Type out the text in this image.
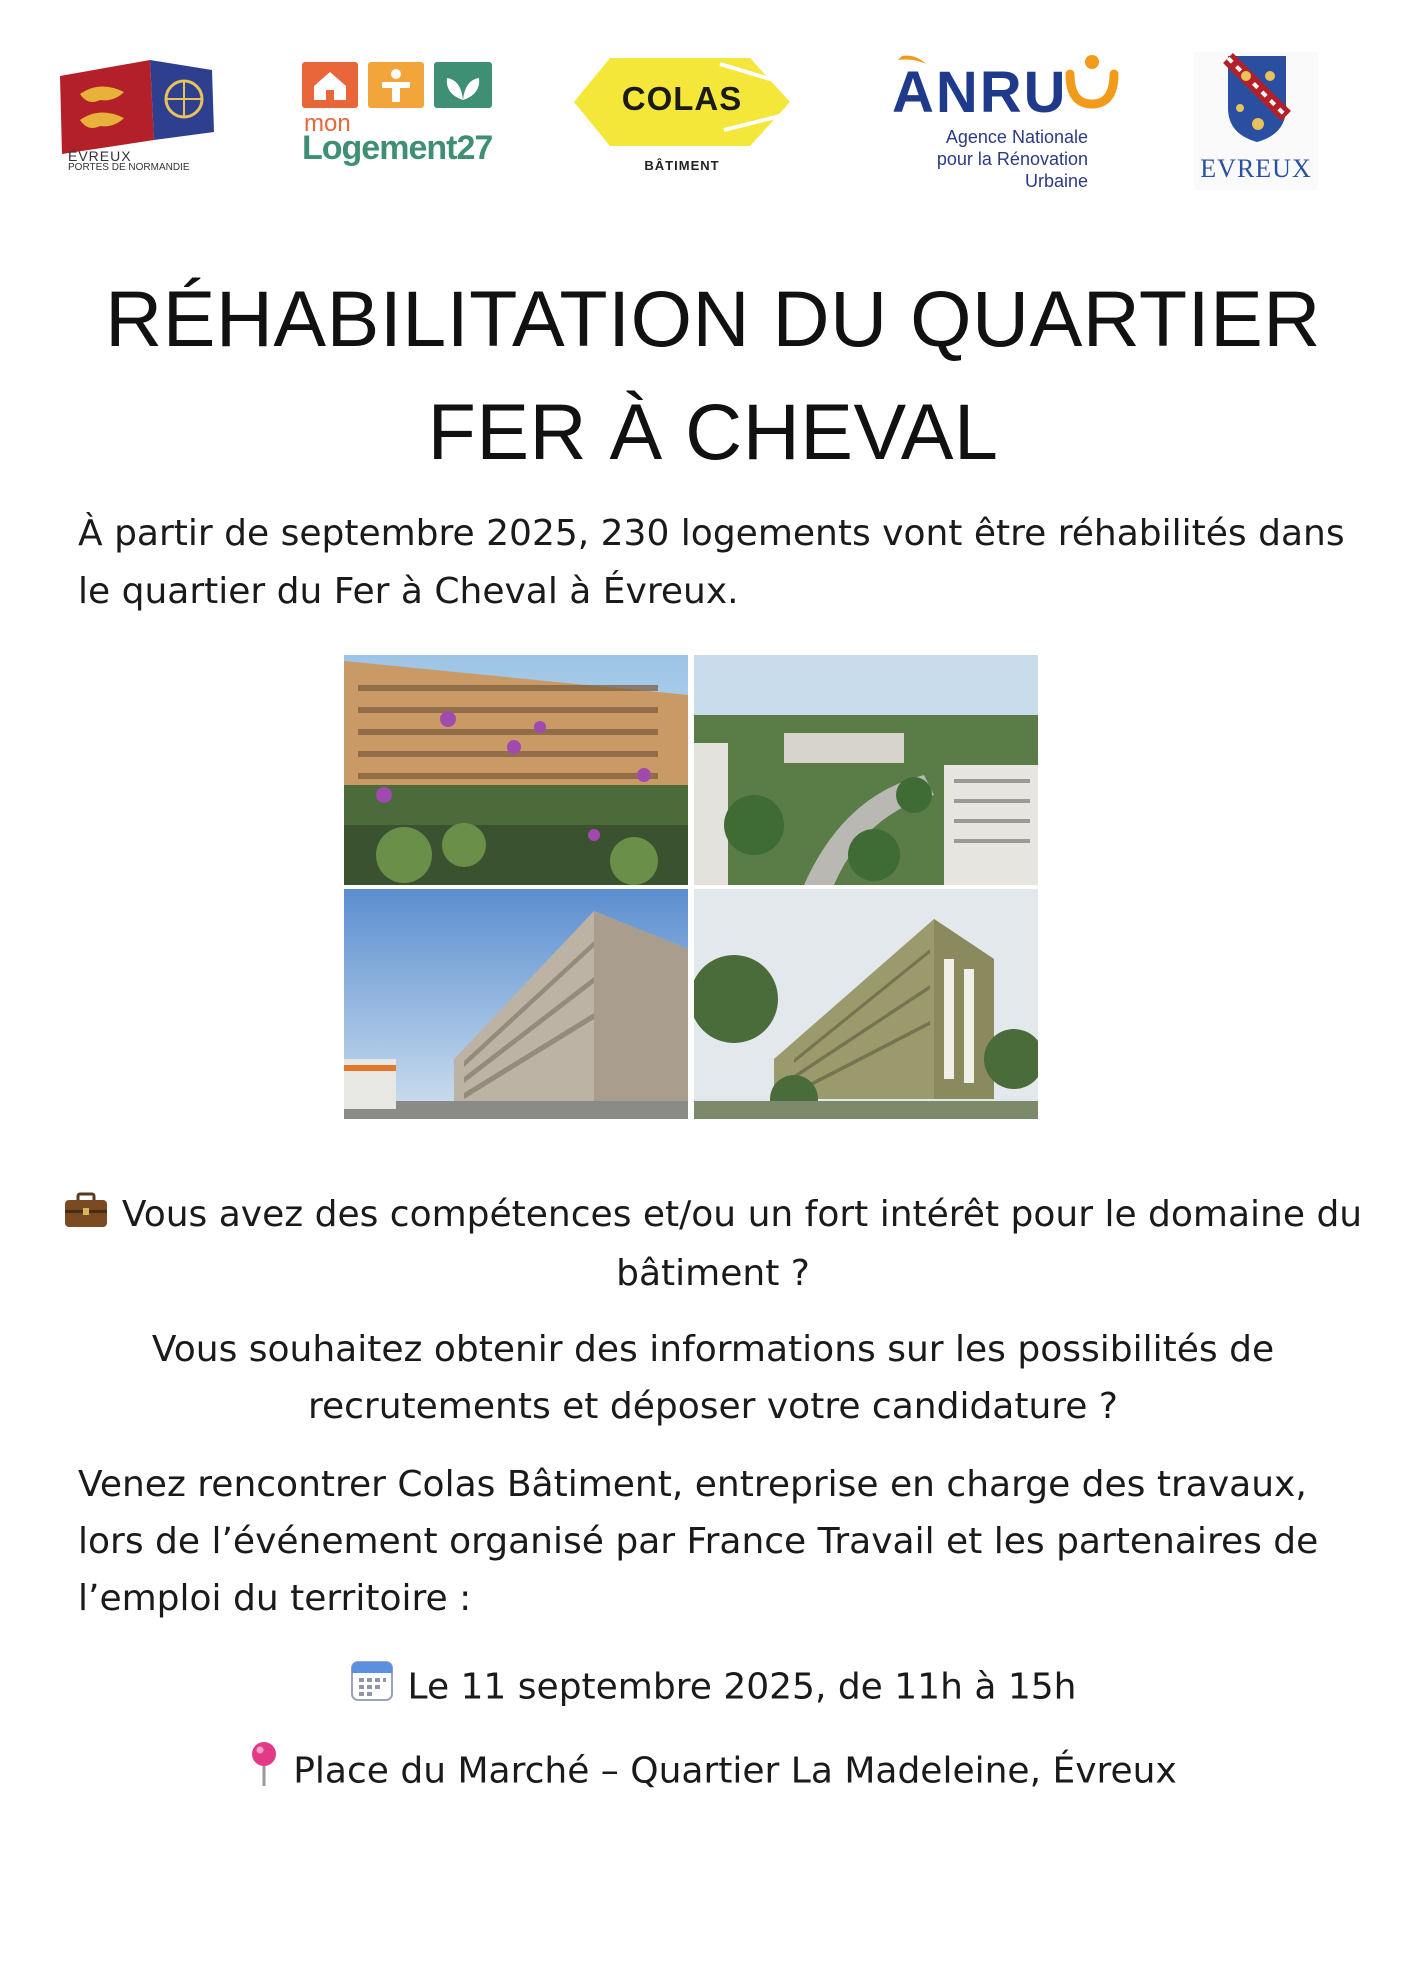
ÉVREUX
PORTES DE NORMANDIE
mon
Logement27
COLAS
BÂTIMENT
ANRU
Agence Nationale
pour la Rénovation
Urbaine	EVREUX
RÉHABILITATION DU QUARTIER
FER À CHEVAL
À partir de septembre 2025, 230 logements vont être réhabilités dans le quartier du Fer à Cheval à Évreux.
Vous avez des compétences et/ou un fort intérêt pour le domaine du bâtiment ?
Vous souhaitez obtenir des informations sur les possibilités de recrutements et déposer votre candidature ?
Venez rencontrer Colas Bâtiment, entreprise en charge des travaux, lors de l’événement organisé par France Travail et les partenaires de l’emploi du territoire :
Le 11 septembre 2025, de 11h à 15h
Place du Marché – Quartier La Madeleine, Évreux
